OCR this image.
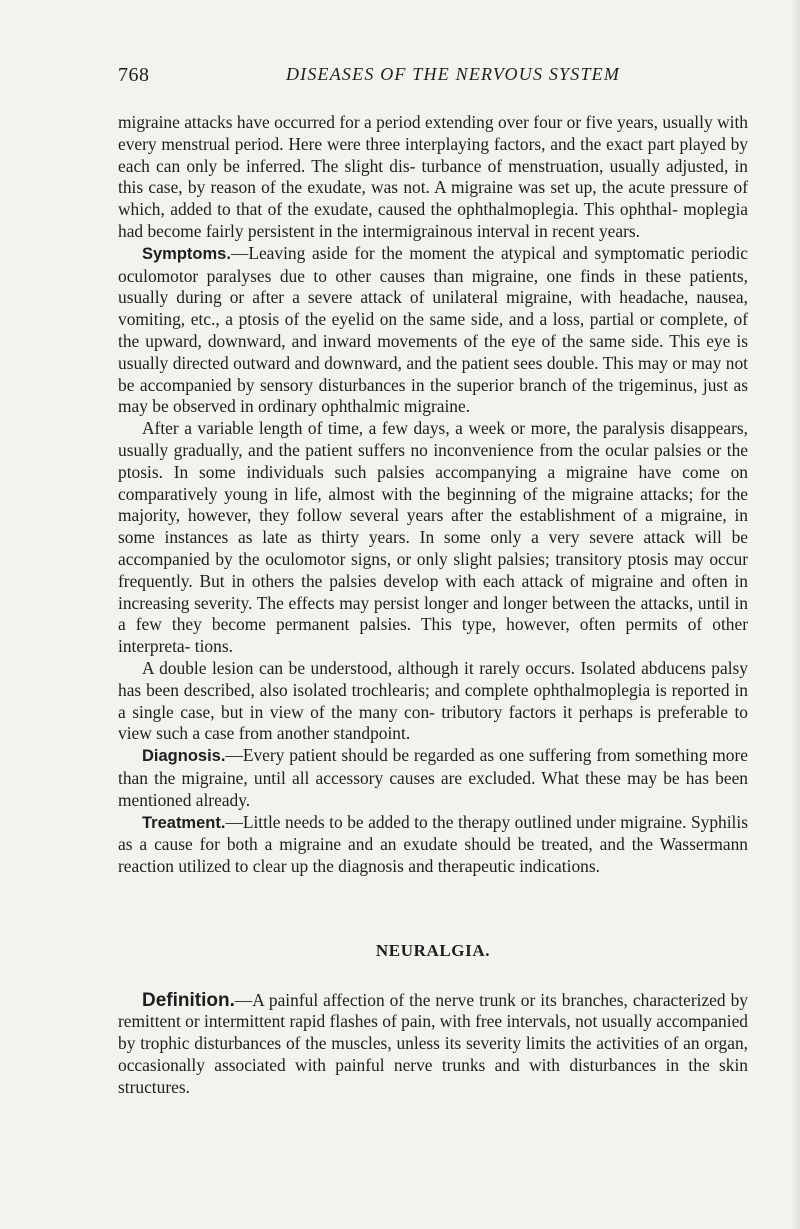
768	DISEASES OF THE NERVOUS SYSTEM

migraine attacks have occurred for a period extending over four or five years, usually with every menstrual period. Here were three interplaying factors, and the exact part played by each can only be inferred. The slight dis- turbance of menstruation, usually adjusted, in this case, by reason of the exudate, was not. A migraine was set up, the acute pressure of which, added to that of the exudate, caused the ophthalmoplegia. This ophthal- moplegia had become fairly persistent in the intermigrainous interval in recent years.

Symptoms.—Leaving aside for the moment the atypical and symptomatic periodic oculomotor paralyses due to other causes than migraine, one finds in these patients, usually during or after a severe attack of unilateral migraine, with headache, nausea, vomiting, etc., a ptosis of the eyelid on the same side, and a loss, partial or complete, of the upward, downward, and inward movements of the eye of the same side. This eye is usually directed outward and downward, and the patient sees double. This may or may not be accompanied by sensory disturbances in the superior branch of the trigeminus, just as may be observed in ordinary ophthalmic migraine.

After a variable length of time, a few days, a week or more, the paralysis disappears, usually gradually, and the patient suffers no inconvenience from the ocular palsies or the ptosis. In some individuals such palsies accompanying a migraine have come on comparatively young in life, almost with the beginning of the migraine attacks; for the majority, however, they follow several years after the establishment of a migraine, in some instances as late as thirty years. In some only a very severe attack will be accompanied by the oculomotor signs, or only slight palsies; transitory ptosis may occur frequently. But in others the palsies develop with each attack of migraine and often in increasing severity. The effects may persist longer and longer between the attacks, until in a few they become permanent palsies. This type, however, often permits of other interpreta- tions.

A double lesion can be understood, although it rarely occurs. Isolated abducens palsy has been described, also isolated trochlearis; and complete ophthalmoplegia is reported in a single case, but in view of the many con- tributory factors it perhaps is preferable to view such a case from another standpoint.

Diagnosis.—Every patient should be regarded as one suffering from something more than the migraine, until all accessory causes are excluded. What these may be has been mentioned already.

Treatment.—Little needs to be added to the therapy outlined under migraine. Syphilis as a cause for both a migraine and an exudate should be treated, and the Wassermann reaction utilized to clear up the diagnosis and therapeutic indications.

NEURALGIA.

Definition.—A painful affection of the nerve trunk or its branches, characterized by remittent or intermittent rapid flashes of pain, with free intervals, not usually accompanied by trophic disturbances of the muscles, unless its severity limits the activities of an organ, occasionally associated with painful nerve trunks and with disturbances in the skin structures.
